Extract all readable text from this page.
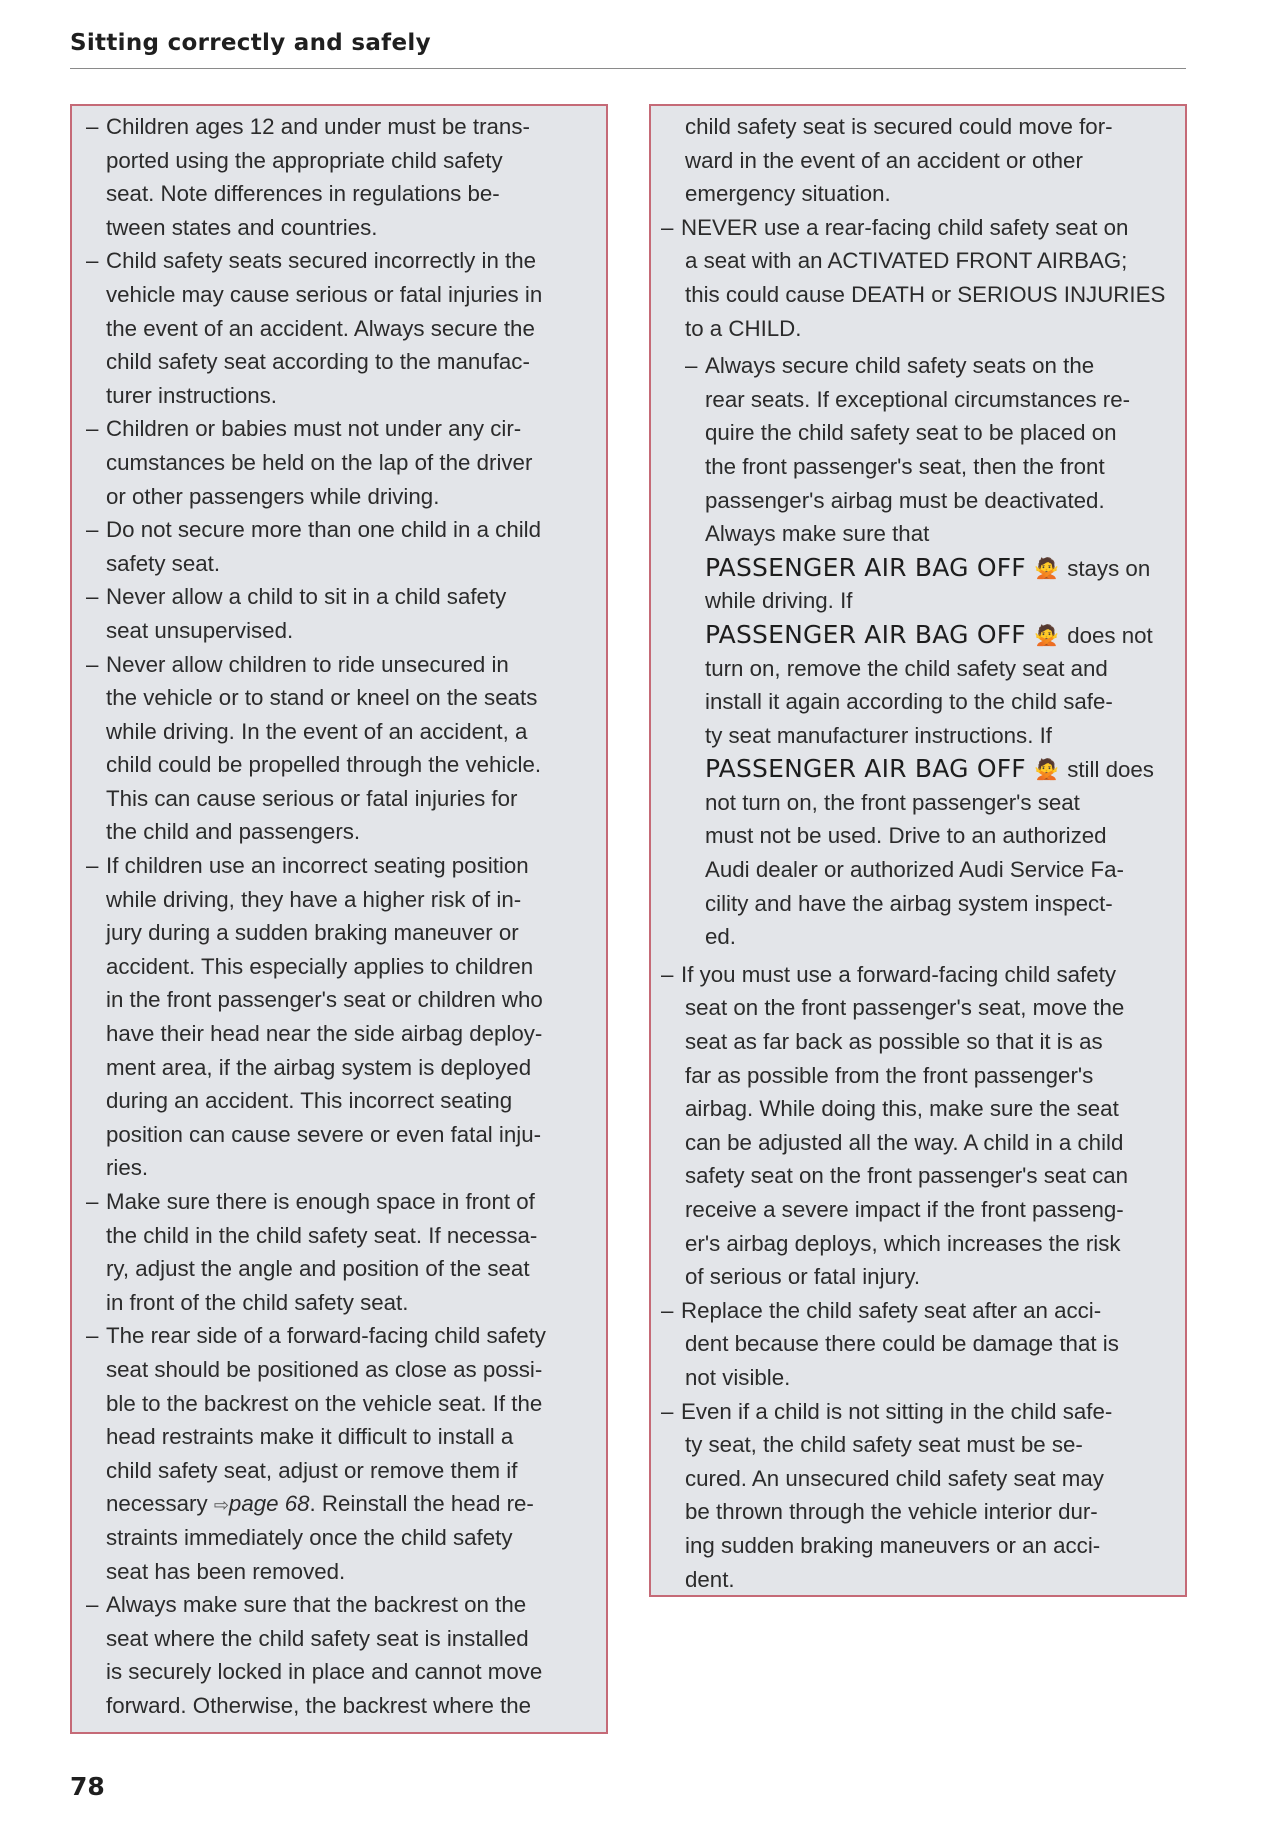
Sitting correctly and safely
– Children ages 12 and under must be trans-
ported using the appropriate child safety
seat. Note differences in regulations be-
tween states and countries.
– Child safety seats secured incorrectly in the
vehicle may cause serious or fatal injuries in
the event of an accident. Always secure the
child safety seat according to the manufac-
turer instructions.
– Children or babies must not under any cir-
cumstances be held on the lap of the driver
or other passengers while driving.
– Do not secure more than one child in a child
safety seat.
– Never allow a child to sit in a child safety
seat unsupervised.
– Never allow children to ride unsecured in
the vehicle or to stand or kneel on the seats
while driving. In the event of an accident, a
child could be propelled through the vehicle.
This can cause serious or fatal injuries for
the child and passengers.
– If children use an incorrect seating position
while driving, they have a higher risk of in-
jury during a sudden braking maneuver or
accident. This especially applies to children
in the front passenger's seat or children who
have their head near the side airbag deploy-
ment area, if the airbag system is deployed
during an accident. This incorrect seating
position can cause severe or even fatal inju-
ries.
– Make sure there is enough space in front of
the child in the child safety seat. If necessa-
ry, adjust the angle and position of the seat
in front of the child safety seat.
– The rear side of a forward-facing child safety
seat should be positioned as close as possi-
ble to the backrest on the vehicle seat. If the
head restraints make it difficult to install a
child safety seat, adjust or remove them if
necessary ⇨page 68. Reinstall the head re-
straints immediately once the child safety
seat has been removed.
– Always make sure that the backrest on the
seat where the child safety seat is installed
is securely locked in place and cannot move
forward. Otherwise, the backrest where the
child safety seat is secured could move for-
ward in the event of an accident or other
emergency situation.
– NEVER use a rear-facing child safety seat on
a seat with an ACTIVATED FRONT AIRBAG;
this could cause DEATH or SERIOUS INJURIES
to a CHILD.
– Always secure child safety seats on the
rear seats. If exceptional circumstances re-
quire the child safety seat to be placed on
the front passenger's seat, then the front
passenger's airbag must be deactivated.
Always make sure that
PASSENGER AIR BAG OFF 🙅 stays on
while driving. If
PASSENGER AIR BAG OFF 🙅 does not
turn on, remove the child safety seat and
install it again according to the child safe-
ty seat manufacturer instructions. If
PASSENGER AIR BAG OFF 🙅 still does
not turn on, the front passenger's seat
must not be used. Drive to an authorized
Audi dealer or authorized Audi Service Fa-
cility and have the airbag system inspect-
ed.
– If you must use a forward-facing child safety
seat on the front passenger's seat, move the
seat as far back as possible so that it is as
far as possible from the front passenger's
airbag. While doing this, make sure the seat
can be adjusted all the way. A child in a child
safety seat on the front passenger's seat can
receive a severe impact if the front passeng-
er's airbag deploys, which increases the risk
of serious or fatal injury.
– Replace the child safety seat after an acci-
dent because there could be damage that is
not visible.
– Even if a child is not sitting in the child safe-
ty seat, the child safety seat must be se-
cured. An unsecured child safety seat may
be thrown through the vehicle interior dur-
ing sudden braking maneuvers or an acci-
dent.
78
